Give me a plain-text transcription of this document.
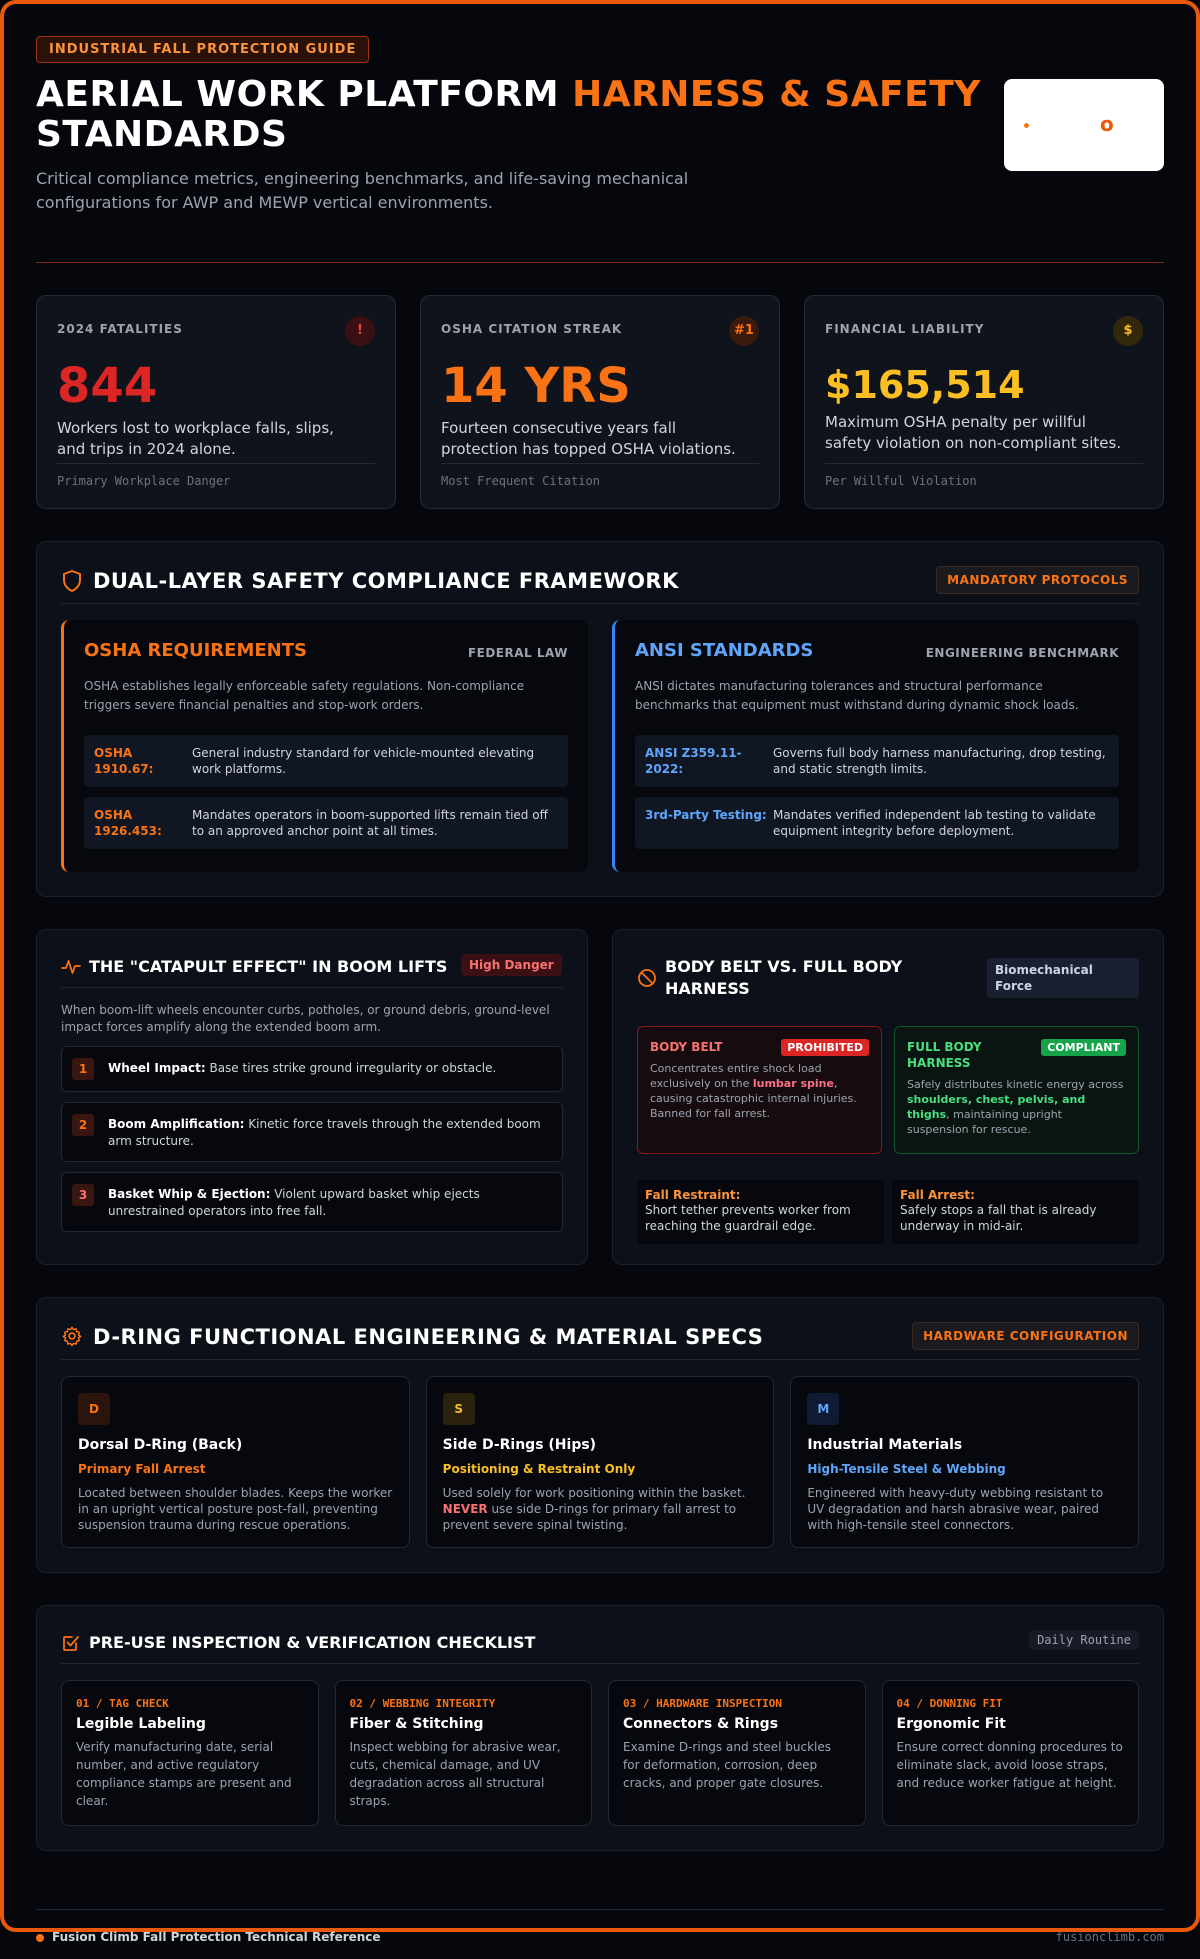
INDUSTRIAL FALL PROTECTION GUIDE
AERIAL WORK PLATFORM HARNESS & SAFETY
STANDARDS
Critical compliance metrics, engineering benchmarks, and life-saving mechanical configurations for AWP and MEWP vertical environments.
o
2024 FATALITIES	!
844
Workers lost to workplace falls, slips, and trips in 2024 alone.
Primary Workplace Danger
OSHA CITATION STREAK	#1
14 YRS
Fourteen consecutive years fall protection has topped OSHA violations.
Most Frequent Citation
FINANCIAL LIABILITY	$
$165,514
Maximum OSHA penalty per willful safety violation on non-compliant sites.
Per Willful Violation
DUAL-LAYER SAFETY COMPLIANCE FRAMEWORK	MANDATORY PROTOCOLS
OSHA REQUIREMENTS	FEDERAL LAW
OSHA establishes legally enforceable safety regulations. Non-compliance triggers severe financial penalties and stop-work orders.
OSHA 1910.67:
General industry standard for vehicle-mounted elevating work platforms.
OSHA 1926.453:
Mandates operators in boom-supported lifts remain tied off to an approved anchor point at all times.
ANSI STANDARDS	ENGINEERING BENCHMARK
ANSI dictates manufacturing tolerances and structural performance benchmarks that equipment must withstand during dynamic shock loads.
ANSI Z359.11-2022:
Governs full body harness manufacturing, drop testing, and static strength limits.
3rd-Party Testing: Mandates verified independent lab testing to validate equipment integrity before deployment.
THE "CATAPULT EFFECT" IN BOOM LIFTS	High Danger
When boom-lift wheels encounter curbs, potholes, or ground debris, ground-level impact forces amplify along the extended boom arm.
1	Wheel Impact: Base tires strike ground irregularity or obstacle.
2	Boom Amplification: Kinetic force travels through the extended boom arm structure.
3	Basket Whip & Ejection: Violent upward basket whip ejects unrestrained operators into free fall.
BODY BELT VS. FULL BODY HARNESS
Biomechanical Force
BODY BELT	PROHIBITED
Concentrates entire shock load exclusively on the lumbar spine, causing catastrophic internal injuries. Banned for fall arrest.
FULL BODY HARNESS
COMPLIANT
Safely distributes kinetic energy across shoulders, chest, pelvis, and thighs, maintaining upright suspension for rescue.
Fall Restraint:
Short tether prevents worker from reaching the guardrail edge.
Fall Arrest:
Safely stops a fall that is already underway in mid-air.
D-RING FUNCTIONAL ENGINEERING & MATERIAL SPECS	HARDWARE CONFIGURATION
D
Dorsal D-Ring (Back)
Primary Fall Arrest
Located between shoulder blades. Keeps the worker in an upright vertical posture post-fall, preventing suspension trauma during rescue operations.
S
Side D-Rings (Hips)
Positioning & Restraint Only
Used solely for work positioning within the basket. NEVER use side D-rings for primary fall arrest to prevent severe spinal twisting.
M
Industrial Materials
High-Tensile Steel & Webbing
Engineered with heavy-duty webbing resistant to UV degradation and harsh abrasive wear, paired with high-tensile steel connectors.
PRE-USE INSPECTION & VERIFICATION CHECKLIST	Daily Routine
01 / TAG CHECK
Legible Labeling
Verify manufacturing date, serial number, and active regulatory compliance stamps are present and clear.
02 / WEBBING INTEGRITY
Fiber & Stitching
Inspect webbing for abrasive wear, cuts, chemical damage, and UV degradation across all structural straps.
03 / HARDWARE INSPECTION
Connectors & Rings
Examine D-rings and steel buckles for deformation, corrosion, deep cracks, and proper gate closures.
04 / DONNING FIT
Ergonomic Fit
Ensure correct donning procedures to eliminate slack, avoid loose straps, and reduce worker fatigue at height.
Fusion Climb Fall Protection Technical Reference	fusionclimb.com
